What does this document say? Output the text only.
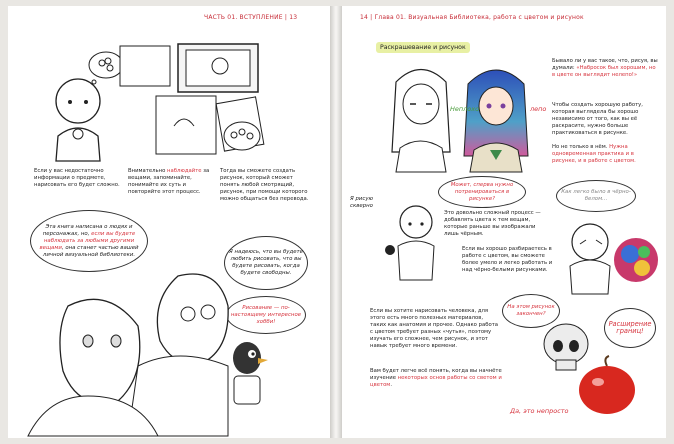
ЧАСТЬ 01. ВСТУПЛЕНИЕ | 13
Если у вас недостаточно информации о предмете, нарисовать его будет сложно.
Внимательно наблюдайте за вещами, запоминайте, понимайте их суть и повторяйте этот процесс.
Тогда вы сможете создать рисунок, который сможет понять любой смотрящий, рисунок, при помощи которого можно общаться без перевода.
Эта книга написана о людях и персонажах, но, если вы будете наблюдать за любыми другими вещами, она станет частью вашей личной визуальной библиотеки.	Я надеюсь, что вы будете любить рисовать, что вы будете рисовать, когда будете свободны.
Рисование — по-настоящему интересное хобби!
14 | Глава 01. Визуальная Библиотека, работа с цветом и рисунок
Раскрашевание и рисунок
Неплохо	лепо
Бывало ли у вас такое, что, рисуя, вы думали: «Набросок был хорошим, но в цвете он выглядит нелепо!»
Чтобы создать хорошую работу, которая выглядела бы хорошо независимо от того, как вы её раскрасите, нужно больше практиковаться в рисунке.
Но не только в нём. Нужна одновременная практика и в рисунке, и в работе с цветом.
Я рисую скверно
Может, сперва нужно потренироваться в рисунке?
Это довольно сложный процесс — добавлять цвета к тем вещам, которые раньше вы изображали лишь чёрным.
Если вы хорошо разбираетесь в работе с цветом, вы сможете более умело и легко работать и над чёрно-белыми рисунками.
Как легко было в чёрно-белом...
Если вы хотите нарисовать человека, для этого есть много полезных материалов, таких как анатомия и прочее. Однако работа с цветом требует разных «чутья», поэтому изучать его сложнее, чем рисунок, и этот навык требует много времени.
На этом рисунок закончен?
Расширение границ!
Вам будет легче всё понять, когда вы начнёте изучение некоторых основ работы со светом и цветом.
Да, это непросто
